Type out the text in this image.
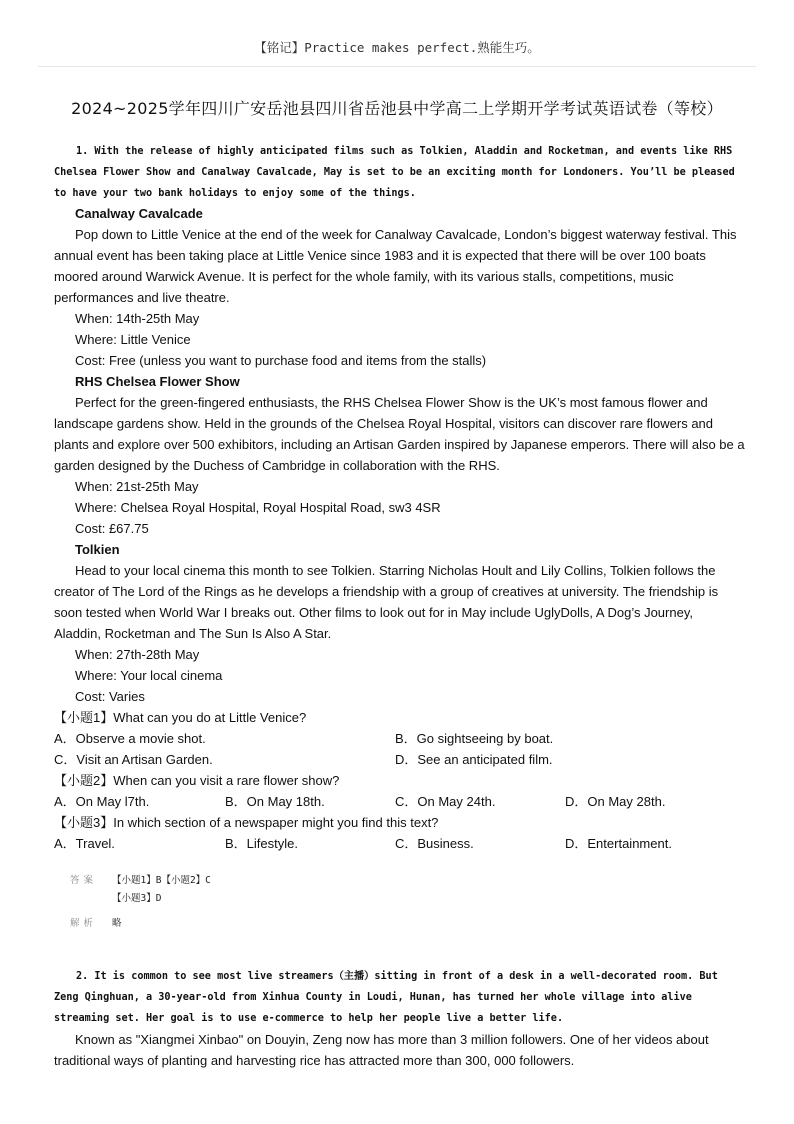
【铭记】Practice makes perfect.熟能生巧。
2024~2025学年四川广安岳池县四川省岳池县中学高二上学期开学考试英语试卷（等校）

1. With the release of highly anticipated films such as Tolkien, Aladdin and Rocketman, and events like RHS Chelsea Flower Show and Canalway Cavalcade, May is set to be an exciting month for Londoners. You’ll be pleased to have your two bank holidays to enjoy some of the things.

Canalway Cavalcade
Pop down to Little Venice at the end of the week for Canalway Cavalcade, London’s biggest waterway festival. This
annual event has been taking place at Little Venice since 1983 and it is expected that there will be over 100 boats
moored around Warwick Avenue. It is perfect for the whole family, with its various stalls, competitions, music
performances and live theatre.
When: 14th-25th May
Where: Little Venice
Cost: Free (unless you want to purchase food and items from the stalls)
RHS Chelsea Flower Show
Perfect for the green-fingered enthusiasts, the RHS Chelsea Flower Show is the UK’s most famous flower and
landscape gardens show. Held in the grounds of the Chelsea Royal Hospital, visitors can discover rare flowers and
plants and explore over 500 exhibitors, including an Artisan Garden inspired by Japanese emperors. There will also be a
garden designed by the Duchess of Cambridge in collaboration with the RHS.
When: 21st-25th May
Where: Chelsea Royal Hospital, Royal Hospital Road, sw3 4SR
Cost: £67.75
Tolkien
Head to your local cinema this month to see Tolkien. Starring Nicholas Hoult and Lily Collins, Tolkien follows the
creator of The Lord of the Rings as he develops a friendship with a group of creatives at university. The friendship is
soon tested when World War I breaks out. Other films to look out for in May include UglyDolls, A Dog’s Journey,
Aladdin, Rocketman and The Sun Is Also A Star.
When: 27th-28th May
Where: Your local cinema
Cost: Varies
【小题1】What can you do at Little Venice?
A．Observe a movie shot.	B．Go sightseeing by boat.
C．Visit an Artisan Garden.	D．See an anticipated film.
【小题2】When can you visit a rare flower show?
A．On May l7th.	B．On May 18th.	C．On May 24th.	D．On May 28th.
【小题3】In which section of a newspaper might you find this text?
A．Travel.	B．Lifestyle.	C．Business.	D．Entertainment.
答案 【小题1】B【小题2】C
【小题3】D
解析 略

2. It is common to see most live streamers（主播）sitting in front of a desk in a well-decorated room. But Zeng Qinghuan, a 30-year-old from Xinhua County in Loudi, Hunan, has turned her whole village into alive streaming set. Her goal is to use e-commerce to help her people live a better life.

Known as "Xiangmei Xinbao" on Douyin, Zeng now has more than 3 million followers. One of her videos about
traditional ways of planting and harvesting rice has attracted more than 300, 000 followers.
